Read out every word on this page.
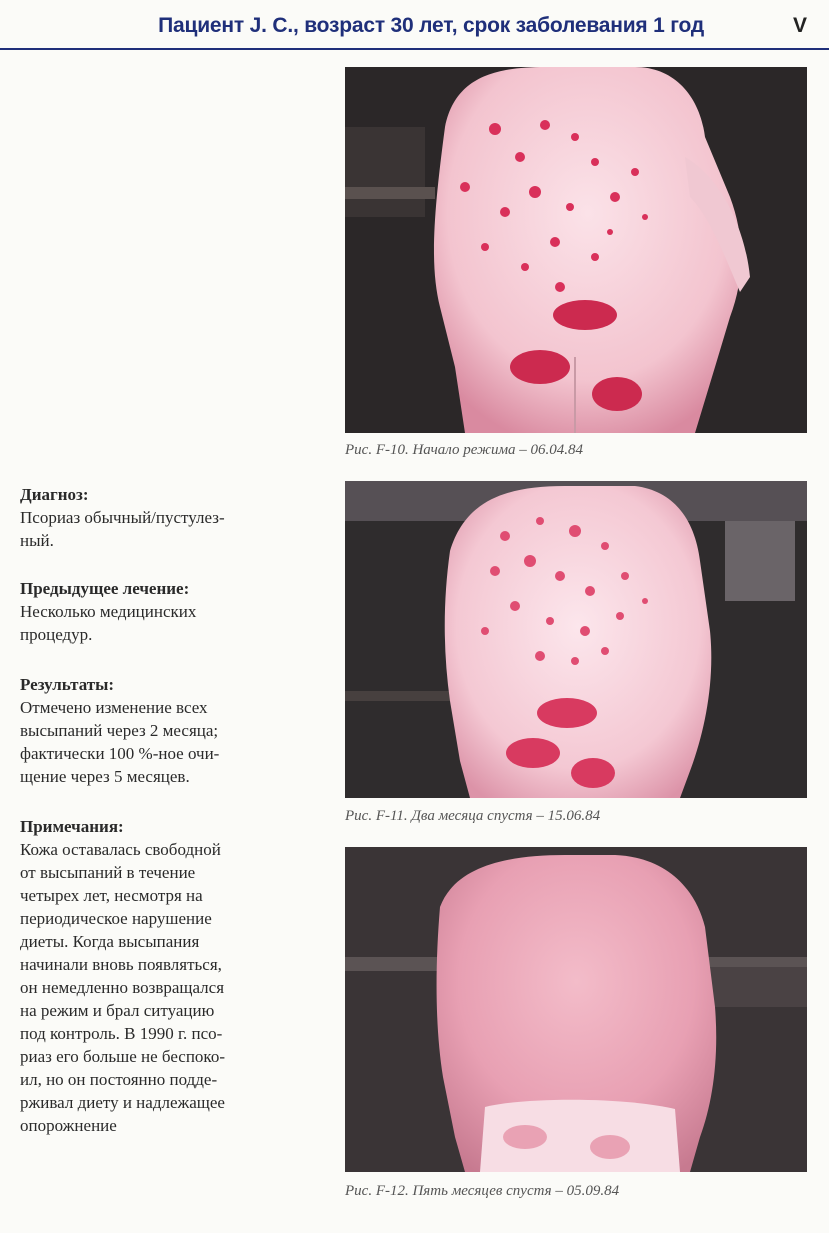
Пациент J. С., возраст 30 лет, срок заболевания 1 год	V
Рис. F-10. Начало режима – 06.04.84
Рис. F-11. Два месяца спустя – 15.06.84
Рис. F-12. Пять месяцев спустя – 05.09.84
Диагноз:

Псориаз обычный/пустулез-
ный.

Предыдущее лечение:

Несколько медицинских
процедур.

Результаты:

Отмечено изменение всех
высыпаний через 2 месяца;
фактически 100 %-ное очи-
щение через 5 месяцев.

Примечания:

Кожа оставалась свободной
от высыпаний в течение
четырех лет, несмотря на
периодическое нарушение
диеты. Когда высыпания
начинали вновь появляться,
он немедленно возвращался
на режим и брал ситуацию
под контроль. В 1990 г. псо-
риаз его больше не беспоко-
ил, но он постоянно подде-
рживал диету и надлежащее
опорожнение
